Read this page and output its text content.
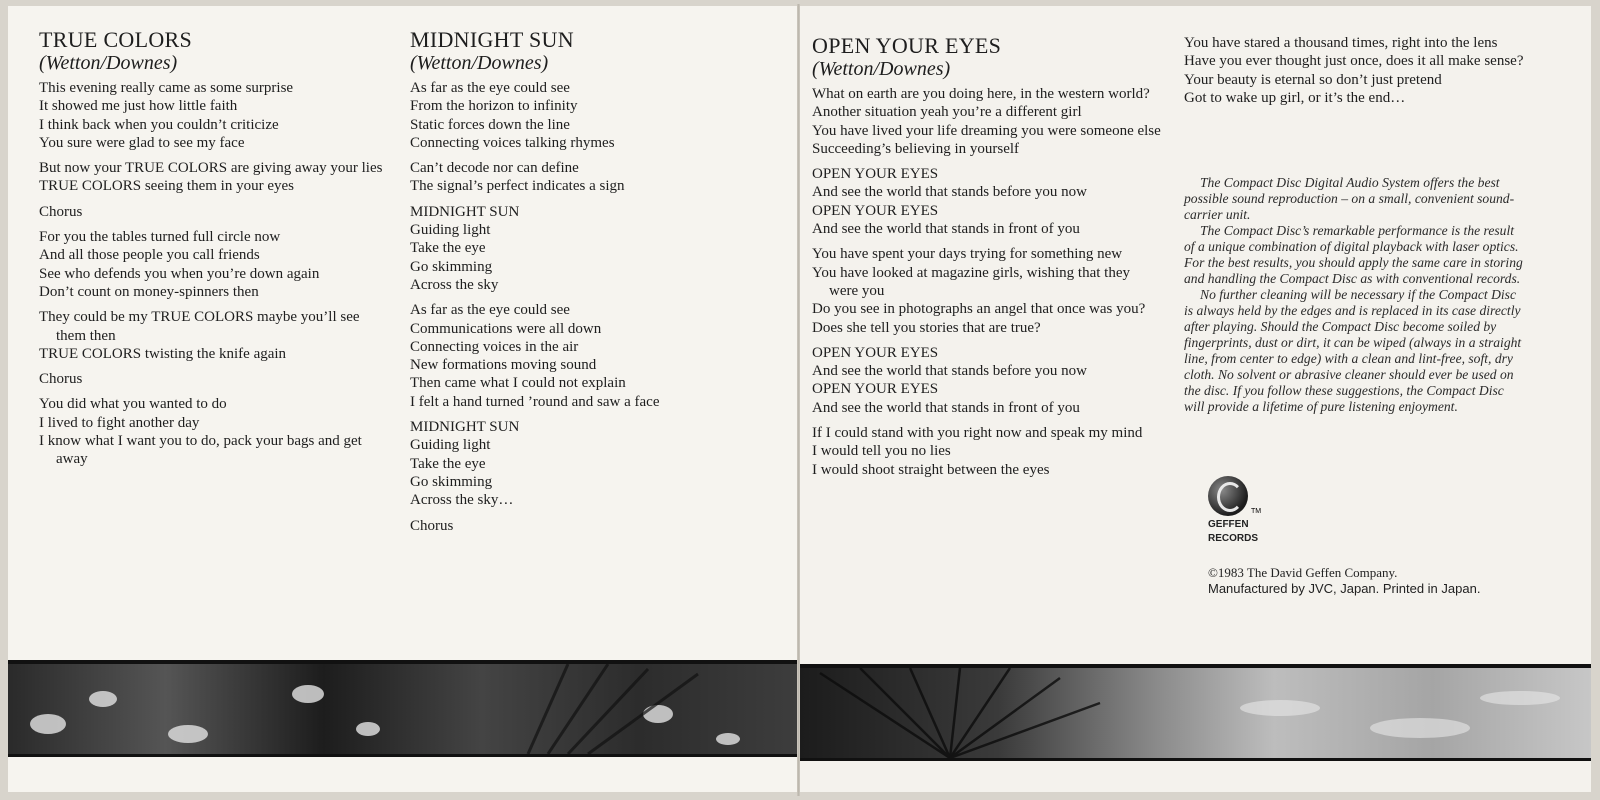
TRUE COLORS
(Wetton/Downes)
This evening really came as some surprise
It showed me just how little faith
I think back when you couldn’t criticize
You sure were glad to see my face
But now your TRUE COLORS are giving away your lies
TRUE COLORS seeing them in your eyes
Chorus
For you the tables turned full circle now
And all those people you call friends
See who defends you when you’re down again
Don’t count on money-spinners then
They could be my TRUE COLORS maybe you’ll see them then
TRUE COLORS twisting the knife again
Chorus
You did what you wanted to do
I lived to fight another day
I know what I want you to do, pack your bags and get away
MIDNIGHT SUN
(Wetton/Downes)
As far as the eye could see
From the horizon to infinity
Static forces down the line
Connecting voices talking rhymes
Can’t decode nor can define
The signal’s perfect indicates a sign
MIDNIGHT SUN
Guiding light
Take the eye
Go skimming
Across the sky
As far as the eye could see
Communications were all down
Connecting voices in the air
New formations moving sound
Then came what I could not explain
I felt a hand turned ’round and saw a face
MIDNIGHT SUN
Guiding light
Take the eye
Go skimming
Across the sky…
Chorus
OPEN YOUR EYES
(Wetton/Downes)
What on earth are you doing here, in the western world?
Another situation yeah you’re a different girl
You have lived your life dreaming you were someone else
Succeeding’s believing in yourself
OPEN YOUR EYES
And see the world that stands before you now
OPEN YOUR EYES
And see the world that stands in front of you
You have spent your days trying for something new
You have looked at magazine girls, wishing that they were you
Do you see in photographs an angel that once was you?
Does she tell you stories that are true?
OPEN YOUR EYES
And see the world that stands before you now
OPEN YOUR EYES
And see the world that stands in front of you
If I could stand with you right now and speak my mind
I would tell you no lies
I would shoot straight between the eyes
You have stared a thousand times, right into the lens
Have you ever thought just once, does it all make sense?
Your beauty is eternal so don’t just pretend
Got to wake up girl, or it’s the end…

The Compact Disc Digital Audio System offers the best possible sound reproduction – on a small, convenient sound-carrier unit.

The Compact Disc’s remarkable performance is the result of a unique combination of digital playback with laser optics. For the best results, you should apply the same care in storing and handling the Compact Disc as with conventional records.

No further cleaning will be necessary if the Compact Disc is always held by the edges and is replaced in its case directly after playing. Should the Compact Disc become soiled by fingerprints, dust or dirt, it can be wiped (always in a straight line, from center to edge) with a clean and lint-free, soft, dry cloth. No solvent or abrasive cleaner should ever be used on the disc. If you follow these suggestions, the Compact Disc will provide a lifetime of pure listening enjoyment.

TM
GEFFEN
RECORDS
©1983 The David Geffen Company.
Manufactured by JVC, Japan. Printed in Japan.
